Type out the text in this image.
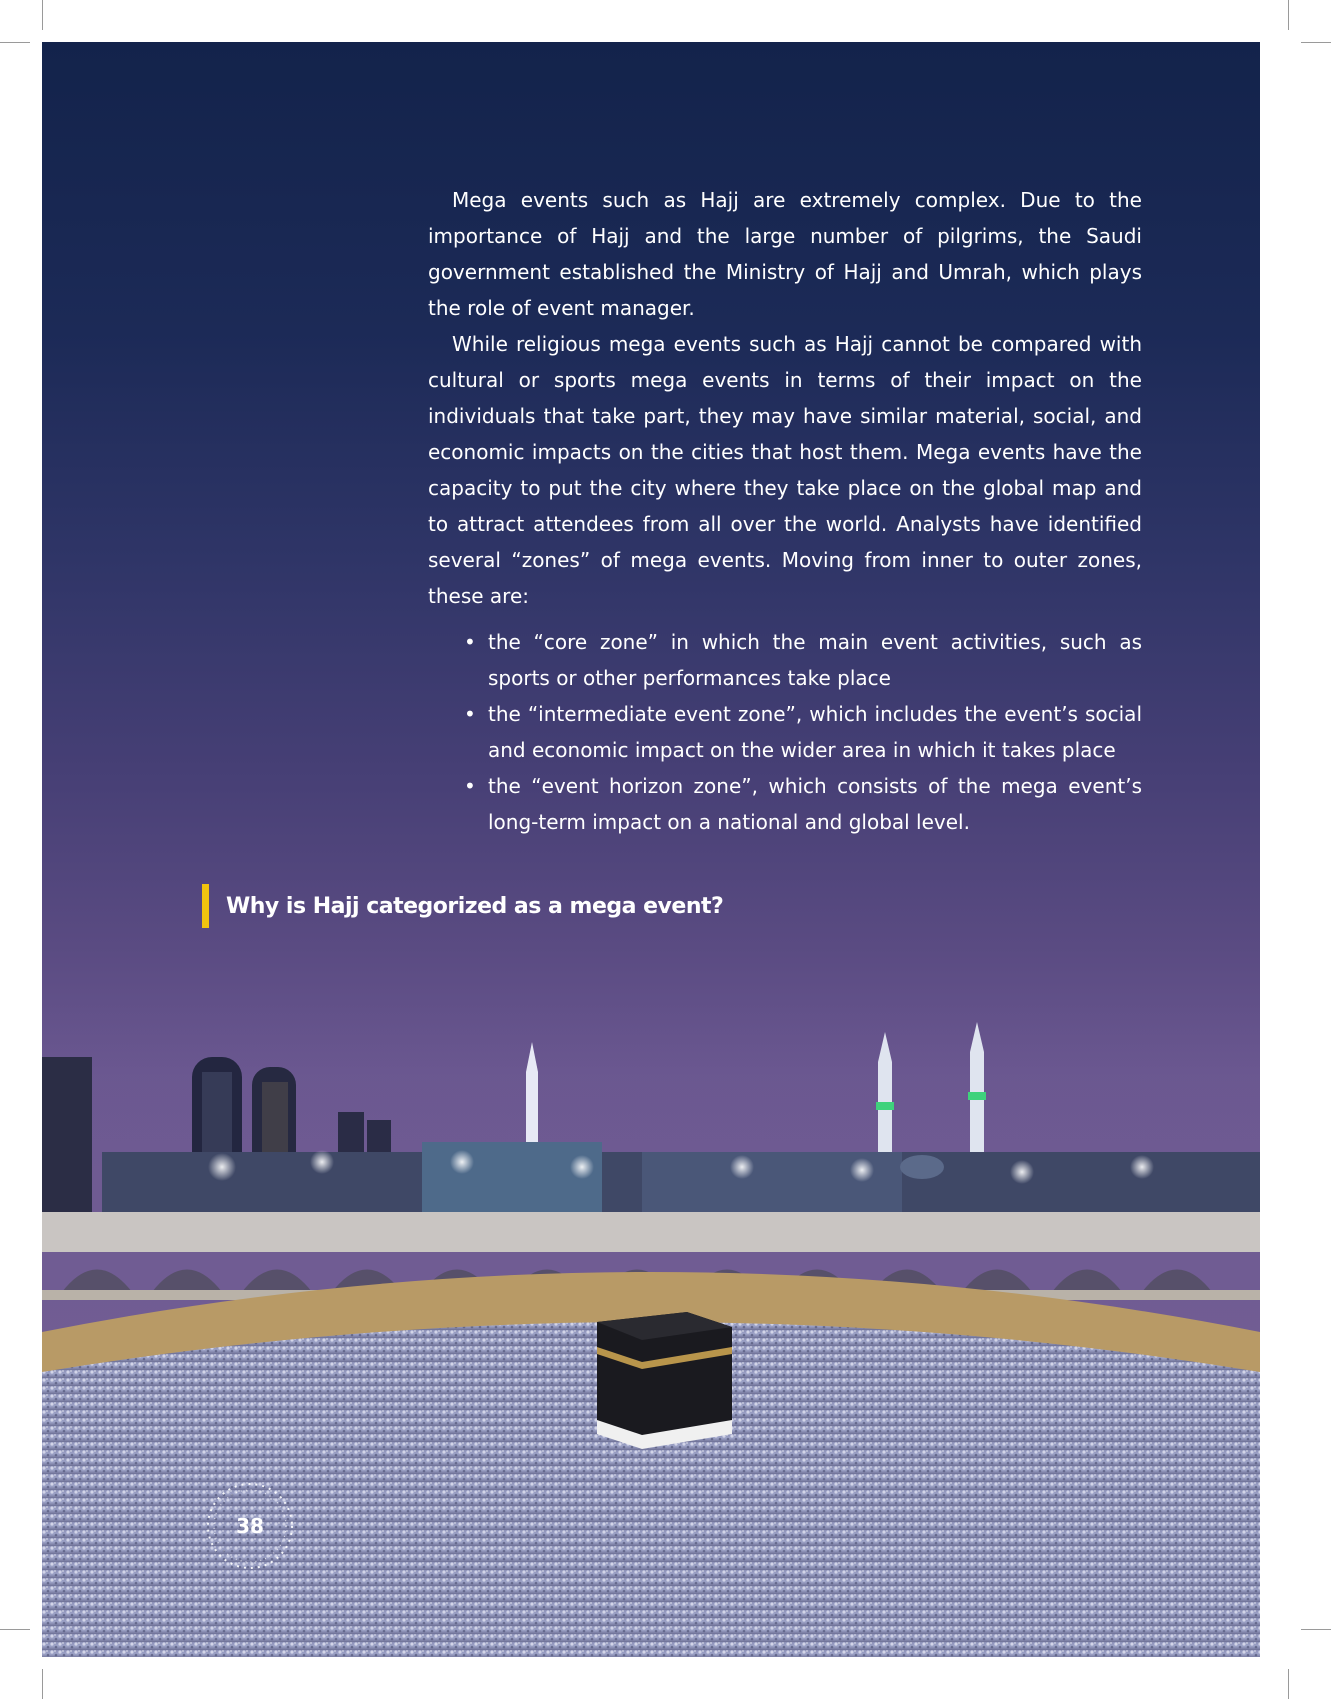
Mega events such as Hajj are extremely complex. Due to the importance of Hajj and the large number of pilgrims, the Saudi government established the Ministry of Hajj and Umrah, which plays the role of event manager.

While religious mega events such as Hajj cannot be compared with cultural or sports mega events in terms of their impact on the individuals that take part, they may have similar material, social, and economic impacts on the cities that host them. Mega events have the capacity to put the city where they take place on the global map and to attract attendees from all over the world. Analysts have identified several “zones” of mega events. Moving from inner to outer zones, these are:

• the “core zone” in which the main event activities, such as sports or other performances take place
• the “intermediate event zone”, which includes the event’s social and economic impact on the wider area in which it takes place
• the “event horizon zone”, which consists of the mega event’s long-term impact on a national and global level.
Why is Hajj categorized as a mega event?
38
